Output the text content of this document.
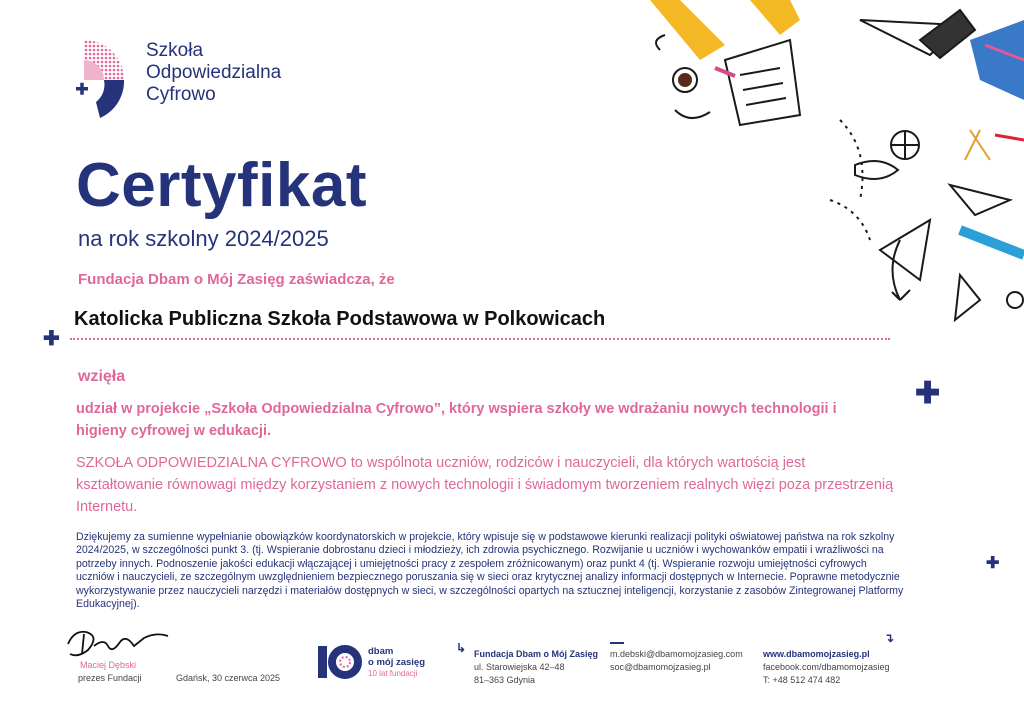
Szkoła
Odpowiedzialna
Cyfrowo
Certyfikat
na rok szkolny 2024/2025
Fundacja Dbam o Mój Zasięg zaświadcza, że
Katolicka Publiczna Szkoła Podstawowa w Polkowicach
wzięła
udział w projekcie „Szkoła Odpowiedzialna Cyfrowo”, który wspiera szkoły we wdrażaniu nowych technologii i higieny cyfrowej w edukacji.
SZKOŁA ODPOWIEDZIALNA CYFROWO to wspólnota uczniów, rodziców i nauczycieli, dla których wartością jest kształtowanie równowagi między korzystaniem z nowych technologii i świadomym tworzeniem realnych więzi poza przestrzenią Internetu.
Dziękujemy za sumienne wypełnianie obowiązków koordynatorskich w projekcie, który wpisuje się w podstawowe kierunki realizacji polityki oświatowej państwa na rok szkolny 2024/2025, w szczególności punkt 3. (tj. Wspieranie dobrostanu dzieci i młodzieży, ich zdrowia psychicznego. Rozwijanie u uczniów i wychowanków empatii i wrażliwości na potrzeby innych. Podnoszenie jakości edukacji włączającej i umiejętności pracy z zespołem zróżnicowanym) oraz punkt 4 (tj. Wspieranie rozwoju umiejętności cyfrowych uczniów i nauczycieli, ze szczególnym uwzględnieniem bezpiecznego poruszania się w sieci oraz krytycznej analizy informacji dostępnych w Internecie. Poprawne metodycznie wykorzystywanie przez nauczycieli narzędzi i materiałów dostępnych w sieci, w szczególności opartych na sztucznej inteligencji, korzystanie z zasobów Zintegrowanej Platformy Edukacyjnej).
✚
✚
✚
Maciej Dębski
prezes Fundacji	Gdańsk, 30 czerwca 2025
dbam
o mój zasięg
10 lat fundacji
↳ Fundacja Dbam o Mój Zasięg
ul. Starowiejska 42–48
81–363 Gdynia
m.debski@dbamomojzasieg.com
soc@dbamomojzasieg.pl
↴
www.dbamomojzasieg.pl
facebook.com/dbamomojzasieg
T: +48 512 474 482
